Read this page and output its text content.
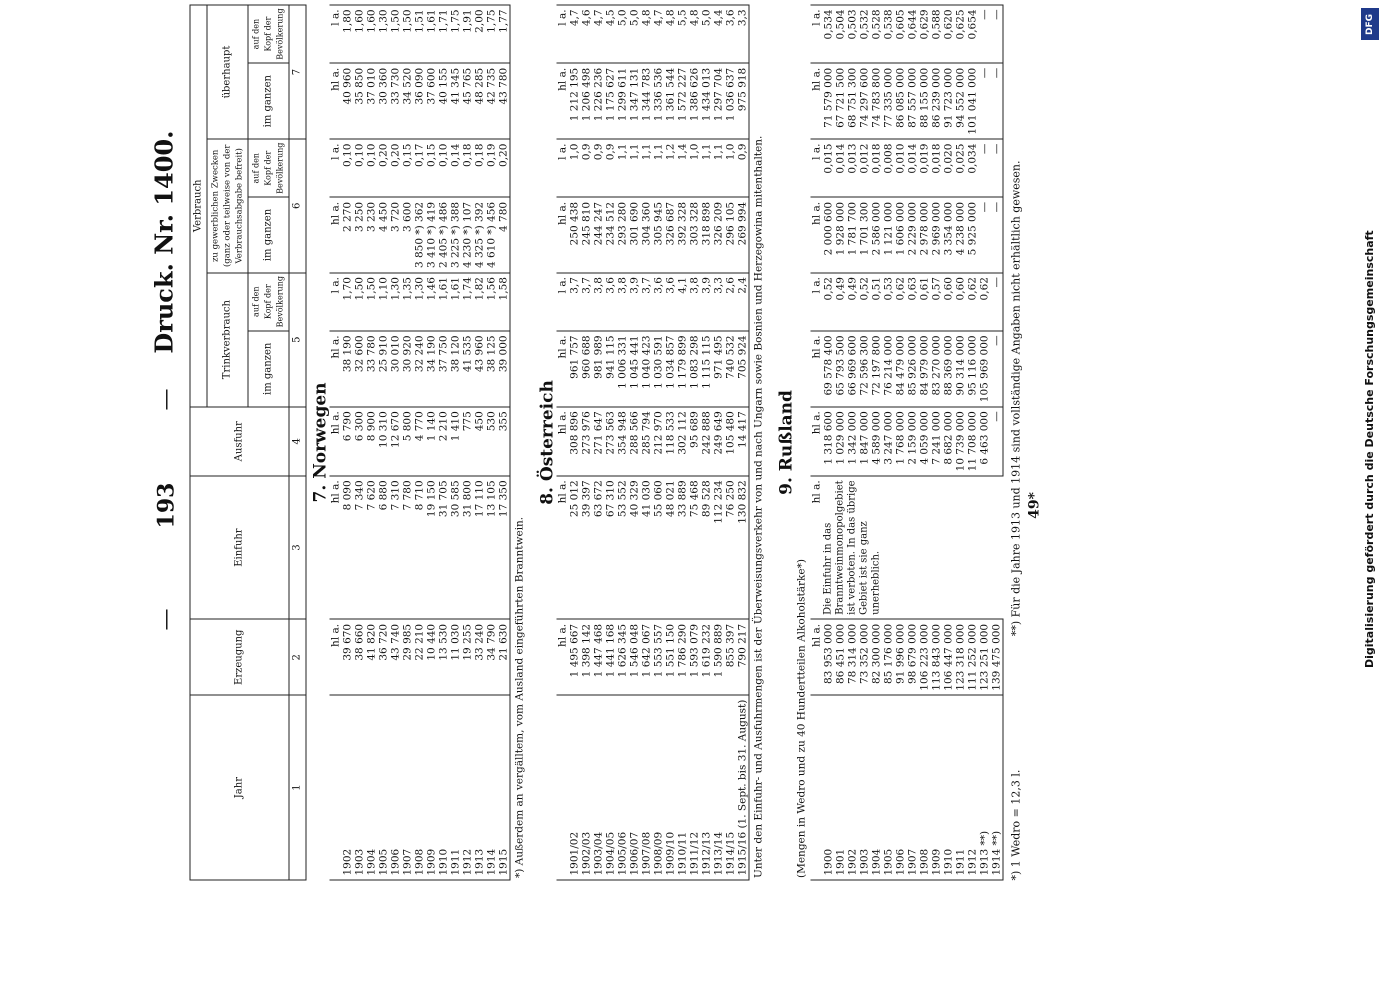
—
193
—
Druck. Nr. 1400.
Jahr	Erzeugung	Einfuhr	Ausfuhr	Verbrauch					
				Trinkverbrauch		zu gewerblichen Zwecken (ganz oder teilweise von der Verbrauchsabgabe befreit)		überhaupt	
				im ganzen	auf den Kopf der Bevölkerung	im ganzen	auf den Kopf der Bevölkerung	im ganzen	auf den Kopf der Bevölkerung
1	2	3	4	5		6		7	
7. Norwegen									
	hl a.	hl a.	hl a.	hl a.	l a.	hl a.	l a.	hl a.	l a.
1902	39 670	8 090	6 790	38 190	1,70	2 270	0,10	40 960	1,80
1903	38 660	7 340	6 300	32 600	1,50	3 250	0,10	35 850	1,60
1904	41 820	7 620	8 900	33 780	1,50	3 230	0,10	37 010	1,60
1905	36 720	6 880	10 310	25 910	1,10	4 450	0,20	30 360	1,30
1906	43 740	7 310	12 670	30 010	1,30	3 720	0,20	33 730	1,50
1907	29 985	7 780	5 800	30 920	1,35	3 600	0,15	34 520	1,50
1908	22 210	8 710	4 770	32 240	1,30	3 850 *) 362	0,17	36 090	1,51
1909	10 440	19 150	1 140	34 190	1,46	3 410 *) 419	0,15	37 600	1,61
1910	13 530	31 705	2 210	37 750	1,61	2 405 *) 486	0,10	40 155	1,71
1911	11 030	30 585	1 410	38 120	1,61	3 225 *) 388	0,14	41 345	1,75
1912	19 255	31 800	775	41 535	1,74	4 230 *) 107	0,18	45 765	1,91
1913	33 240	17 110	450	43 960	1,82	4 325 *) 392	0,18	48 285	2,00
1914	34 790	13 105	530	38 125	1,56	4 610 *) 456	0,19	42 735	1,75
1915	21 630	17 350	355	39 000	1,58	4 780	0,20	43 780	1,77
*) Außerdem an vergälltem, vom Ausland eingeführten Branntwein.									
8. Österreich									
	hl a.	hl a.	hl a.	hl a.	l a.	hl a.	l a.	hl a.	l a.
1901/02	1 495 667	25 012	308 896	961 757	3,7	250 438	1,0	1 212 195	4,7
1902/03	1 398 142	39 397	273 976	960 688	3,7	245 810	0,9	1 206 498	4,6
1903/04	1 447 468	63 672	271 647	981 989	3,8	244 247	0,9	1 226 236	4,7
1904/05	1 441 168	67 310	273 563	941 115	3,6	234 512	0,9	1 175 627	4,5
1905/06	1 626 345	53 552	354 948	1 006 331	3,8	293 280	1,1	1 299 611	5,0
1906/07	1 546 048	40 329	288 566	1 045 441	3,9	301 690	1,1	1 347 131	5,0
1907/08	1 642 067	41 030	285 794	1 040 423	3,7	304 360	1,1	1 344 783	4,8
1908/09	1 553 557	55 060	212 970	1 030 591	3,6	305 945	1,1	1 336 536	4,7
1909/10	1 551 150	48 021	118 533	1 034 857	3,6	326 687	1,2	1 361 544	4,8
1910/11	1 786 290	33 889	302 112	1 179 899	4,1	392 328	1,4	1 572 227	5,5
1911/12	1 593 079	75 468	95 689	1 083 298	3,8	303 328	1,0	1 386 626	4,8
1912/13	1 619 232	89 528	242 888	1 115 115	3,9	318 898	1,1	1 434 013	5,0
1913/14	1 590 889	112 234	249 649	971 495	3,3	326 209	1,1	1 297 704	4,4
1914/15	855 397	76 250	105 480	740 532	2,6	296 105	1,0	1 036 637	3,6
1915/16 (1. Sept. bis 31. August)	790 217	130 832	14 417	705 924	2,4	269 994	0,9	975 918	3,3
Unter den Einfuhr- und Ausfuhrmengen ist der Überweisungsverkehr von und nach Ungarn sowie Bosnien und Herzegowina mitenthalten.									
9. Rußland									
(Mengen in Wedro und zu 40 Hundertteilen Alkoholstärke*)									
	hl a.	hl a.	hl a.	hl a.	l a.	hl a.	l a.	hl a.	l a.
1900	83 953 000	Die Einfuhr in das Branntweinmonopolgebiet ist verboten. In das übrige Gebiet ist sie ganz unerheblich.	1 318 600	69 578 400	0,52	2 000 600	0,015	71 579 000	0,534
1901	86 451 000		1 029 000	65 793 500	0,49	1 928 000	0,014	67 721 500	0,504
1902	78 314 000		1 342 000	66 969 600	0,49	1 781 700	0,013	68 751 300	0,503
1903	73 352 000		1 847 000	72 596 300	0,52	1 701 300	0,012	74 297 600	0,532
1904	82 300 000		4 589 000	72 197 800	0,51	2 586 000	0,018	74 783 800	0,528
1905	85 176 000		3 247 000	76 214 000	0,53	1 121 000	0,008	77 335 000	0,538
1906	91 996 000		1 768 000	84 479 000	0,62	1 606 000	0,010	86 085 000	0,605
1907	98 679 000		2 159 000	85 926 000	0,63	2 229 000	0,014	87 557 000	0,644
1908	106 223 000		4 059 000	84 979 000	0,61	2 978 000	0,019	88 155 000	0,629
1909	113 843 000		7 241 000	83 270 000	0,57	2 969 000	0,018	86 239 000	0,588
1910	106 447 000		8 682 000	88 369 000	0,60	3 354 000	0,020	91 723 000	0,620
1911	123 318 000		10 739 000	90 314 000	0,60	4 238 000	0,025	94 552 000	0,625
1912	111 252 000		11 708 000	95 116 000	0,62	5 925 000	0,034	101 041 000	0,654
1913 **)	123 251 000		6 463 000	105 969 000	0,62	—	—	—	—
1914 **)	139 475 000		—	—	—	—	—	—	—
*) 1 Wedro = 12,3 l.
**) Für die Jahre 1913 und 1914 sind vollständige Angaben nicht erhältlich gewesen. 49*
DFG
Digitalisierung gefördert durch die Deutsche Forschungsgemeinschaft
